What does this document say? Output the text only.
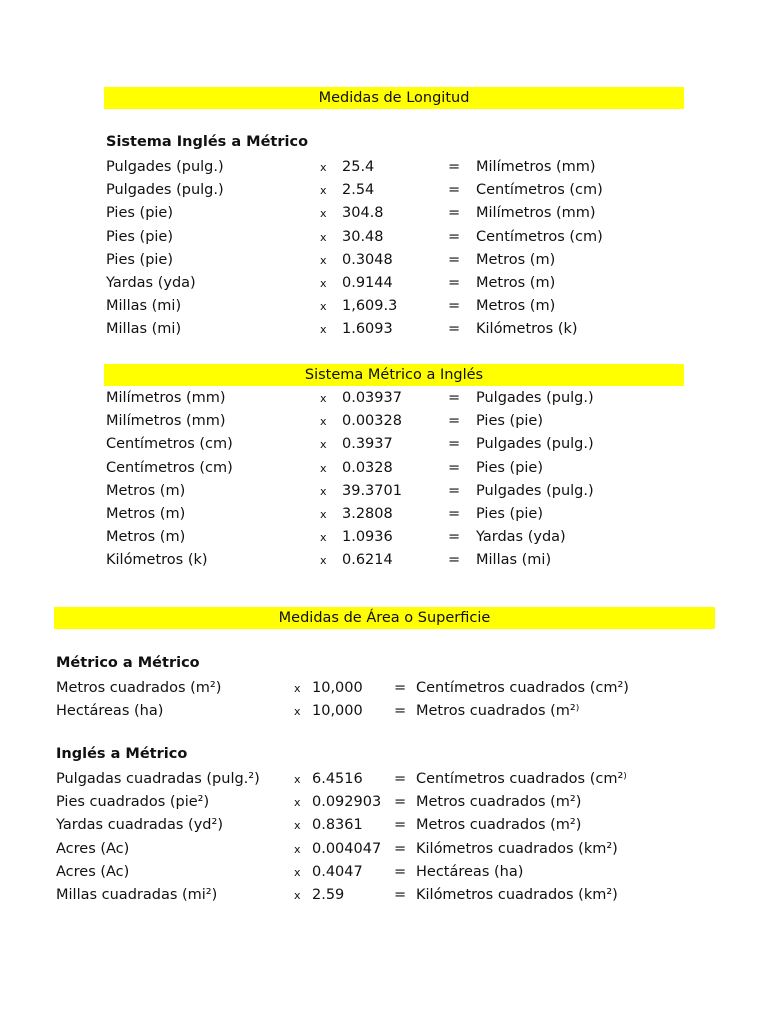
Medidas de Longitud
Sistema Inglés a Métrico
Pulgades (pulg.)	x 25.4	= Milímetros (mm)
Pulgades (pulg.)	x 2.54	= Centímetros (cm)
Pies (pie)	x 304.8	= Milímetros (mm)
Pies (pie)	x 30.48	= Centímetros (cm)
Pies (pie)	x 0.3048	= Metros (m)
Yardas (yda)	x 0.9144	= Metros (m)
Millas (mi)	x 1,609.3	= Metros (m)
Millas (mi)	x 1.6093	= Kilómetros (k)
Sistema Métrico a Inglés
Milímetros (mm)	x 0.03937	= Pulgades (pulg.)
Milímetros (mm)	x 0.00328	= Pies (pie)
Centímetros (cm)	x 0.3937	= Pulgades (pulg.)
Centímetros (cm)	x 0.0328	= Pies (pie)
Metros (m)	x 39.3701	= Pulgades (pulg.)
Metros (m)	x 3.2808	= Pies (pie)
Metros (m)	x 1.0936	= Yardas (yda)
Kilómetros (k)	x 0.6214	= Millas (mi)
Medidas de Área o Superficie
Métrico a Métrico
Metros cuadrados (m²)	x 10,000 = Centímetros cuadrados (cm²)
Hectáreas (ha)	x 10,000 = Metros cuadrados (m²⁾
Inglés a Métrico
Pulgadas cuadradas (pulg.²)	x 6.4516 = Centímetros cuadrados (cm²⁾
Pies cuadrados (pie²)	x 0.092903 = Metros cuadrados (m²)
Yardas cuadradas (yd²)	x 0.8361 = Metros cuadrados (m²)
Acres (Ac)	x 0.004047 = Kilómetros cuadrados (km²)
Acres (Ac)	x 0.4047 = Hectáreas (ha)
Millas cuadradas (mi²)	x 2.59	= Kilómetros cuadrados (km²)
